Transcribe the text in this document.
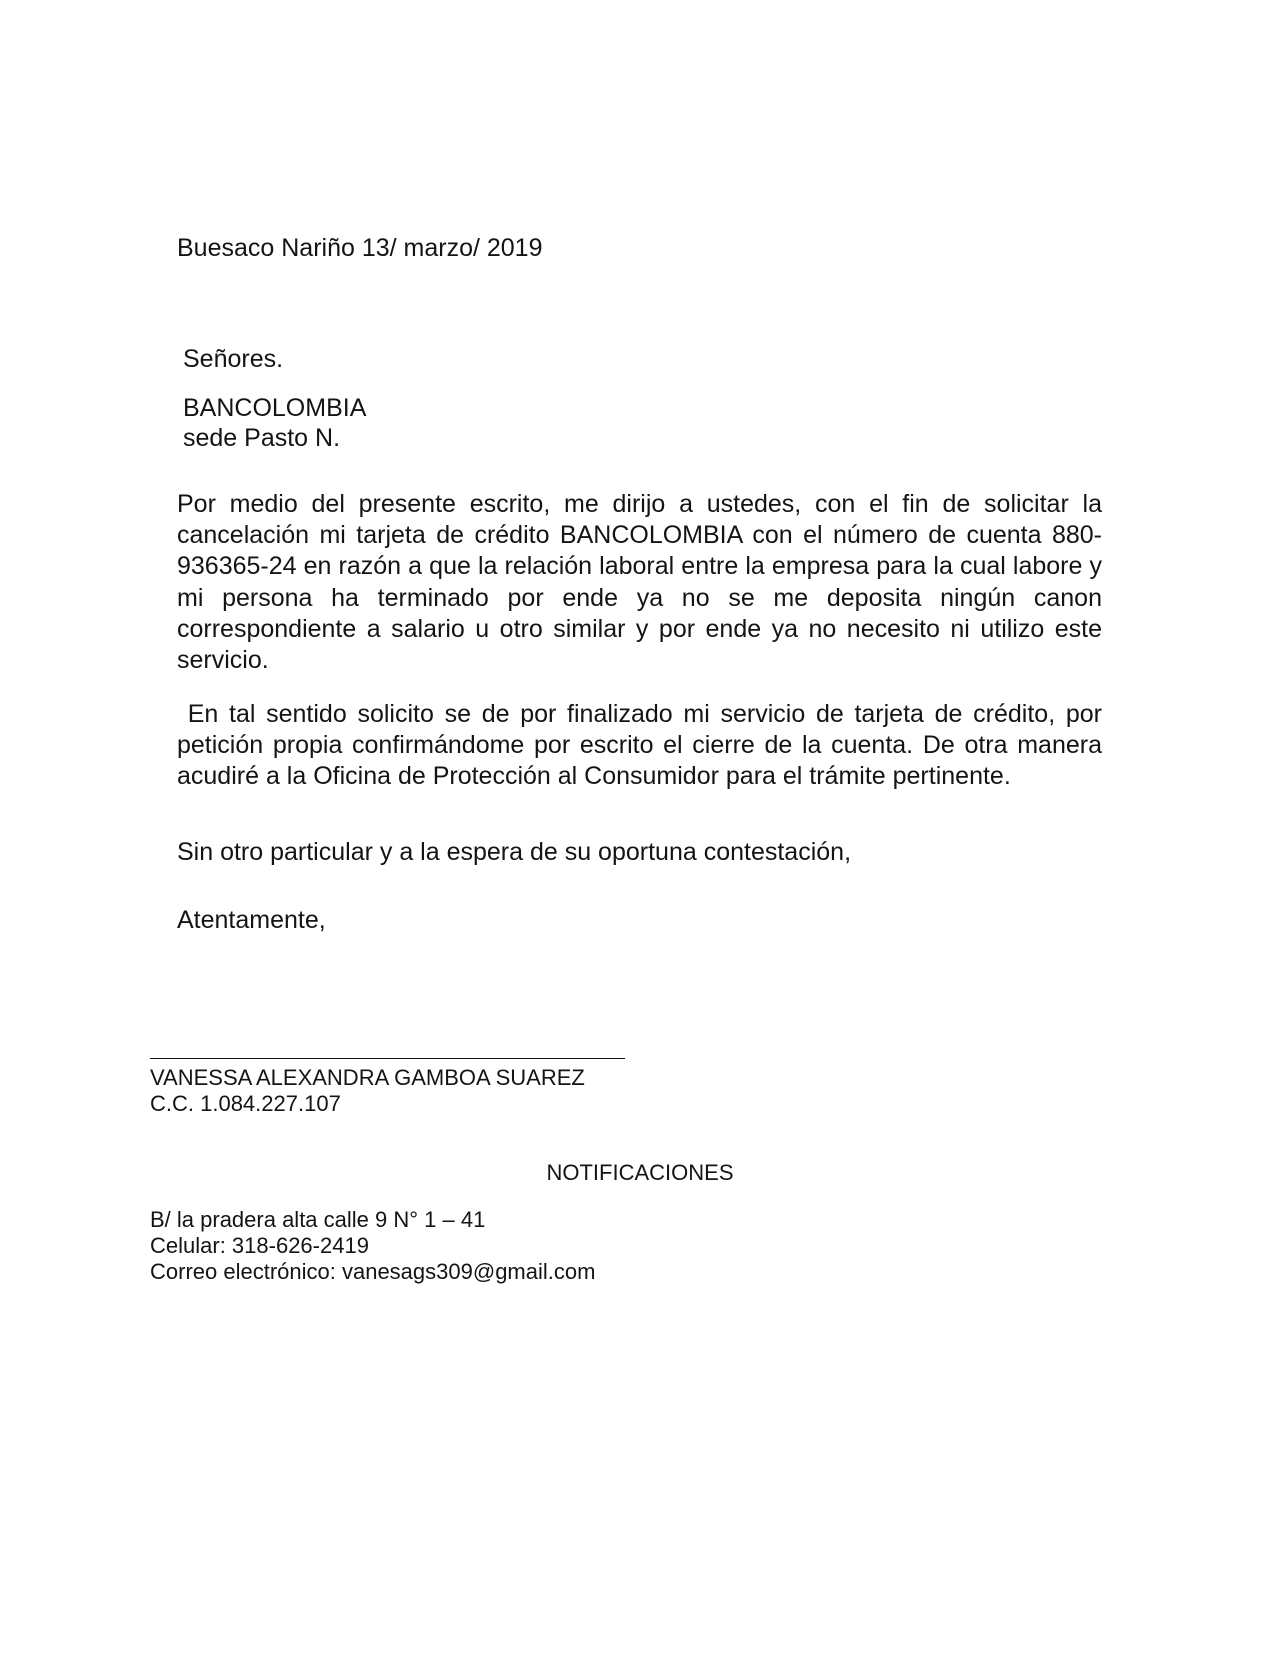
Buesaco Nariño 13/ marzo/ 2019
Señores.
BANCOLOMBIA
sede Pasto N.
Por medio del presente escrito, me dirijo a ustedes, con el fin de solicitar la cancelación mi tarjeta de crédito BANCOLOMBIA con el número de cuenta 880-936365-24 en razón a que la relación laboral entre la empresa para la cual labore y mi persona ha terminado por ende ya no se me deposita ningún canon correspondiente a salario u otro similar y por ende ya no necesito ni utilizo este servicio.
En tal sentido solicito se de por finalizado mi servicio de tarjeta de crédito, por petición propia confirmándome por escrito el cierre de la cuenta. De otra manera acudiré a la Oficina de Protección al Consumidor para el trámite pertinente.
Sin otro particular y a la espera de su oportuna contestación,
Atentamente,
VANESSA ALEXANDRA GAMBOA SUAREZ
C.C. 1.084.227.107
NOTIFICACIONES
B/ la pradera alta calle 9 N° 1 – 41
Celular: 318-626-2419
Correo electrónico: vanesags309@gmail.com
